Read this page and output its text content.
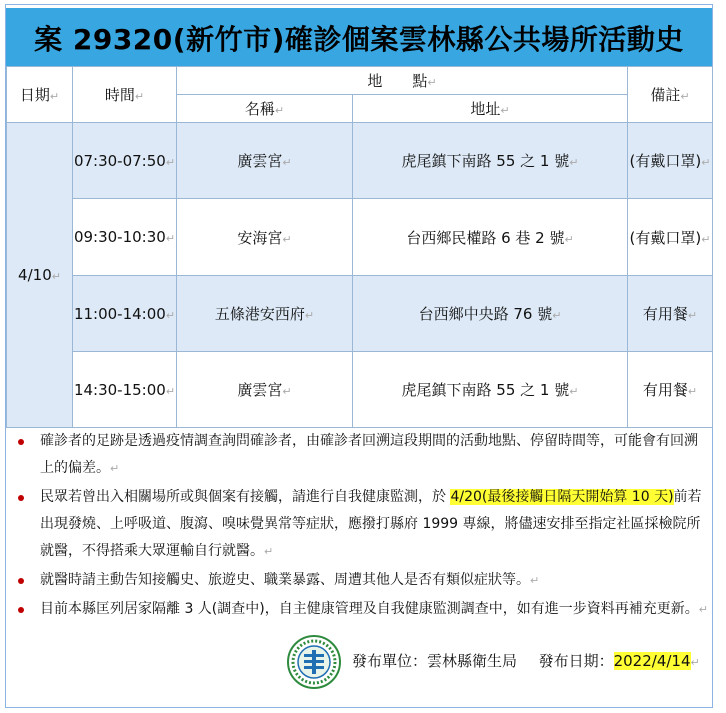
案 29320(新竹市)確診個案雲林縣公共場所活動史
日期↵	時間↵	地　　點↵		備註↵
		名稱↵	地址↵	
4/10↵	07:30-07:50↵	廣雲宮↵	虎尾鎮下南路 55 之 1 號↵	(有戴口罩)↵
	09:30-10:30↵	安海宮↵	台西鄉民權路 6 巷 2 號↵	(有戴口罩)↵
	11:00-14:00↵	五條港安西府↵	台西鄉中央路 76 號↵	有用餐↵
	14:30-15:00↵	廣雲宮↵	虎尾鎮下南路 55 之 1 號↵	有用餐↵
確診者的足跡是透過疫情調查詢問確診者，由確診者回溯這段期間的活動地點、停留時間等，可能會有回溯上的偏差。↵
民眾若曾出入相關場所或與個案有接觸，請進行自我健康監測，於 4/20(最後接觸日隔天開始算 10 天)前若出現發燒、上呼吸道、腹瀉、嗅味覺異常等症狀，應撥打縣府 1999 專線，將儘速安排至指定社區採檢院所就醫，不得搭乘大眾運輸自行就醫。↵
就醫時請主動告知接觸史、旅遊史、職業暴露、周遭其他人是否有類似症狀等。↵
目前本縣匡列居家隔離 3 人(調查中)，自主健康管理及自我健康監測調查中，如有進一步資料再補充更新。↵
發布單位：雲林縣衛生局 發布日期：2022/4/14↵
